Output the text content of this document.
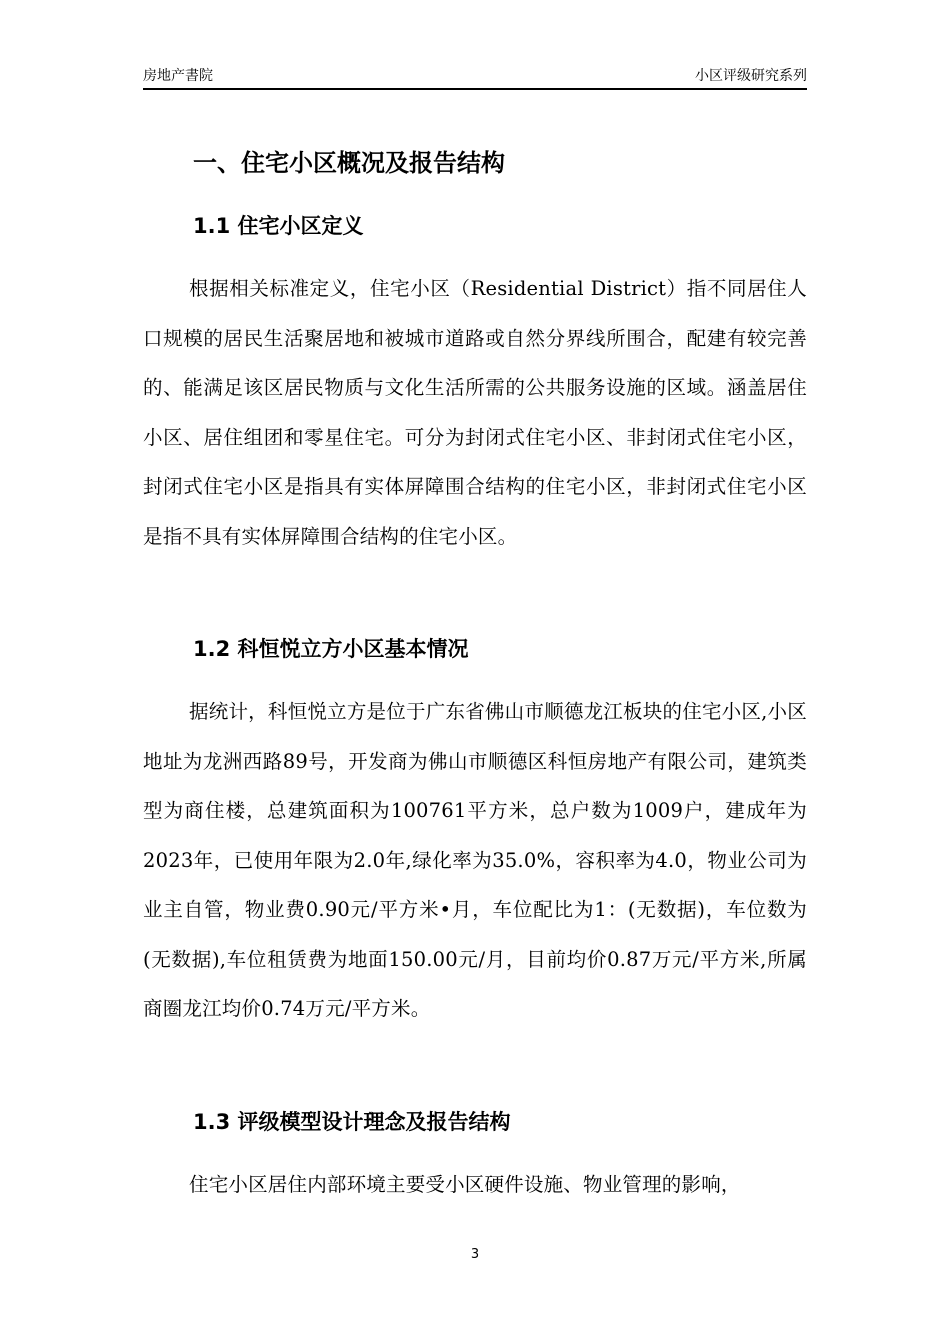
房地产書院	小区评级研究系列
一、住宅小区概况及报告结构
1.1 住宅小区定义
根据相关标准定义，住宅小区（Residential District）指不同居住人口规模的居民生活聚居地和被城市道路或自然分界线所围合，配建有较完善的、能满足该区居民物质与文化生活所需的公共服务设施的区域。涵盖居住小区、居住组团和零星住宅。可分为封闭式住宅小区、非封闭式住宅小区，封闭式住宅小区是指具有实体屏障围合结构的住宅小区，非封闭式住宅小区是指不具有实体屏障围合结构的住宅小区。
1.2 科恒悦立方小区基本情况
据统计，科恒悦立方是位于广东省佛山市顺德龙江板块的住宅小区,小区地址为龙洲西路89号，开发商为佛山市顺德区科恒房地产有限公司，建筑类型为商住楼，总建筑面积为100761平方米，总户数为1009户，建成年为2023年，已使用年限为2.0年,绿化率为35.0%，容积率为4.0，物业公司为业主自管，物业费0.90元/平方米•月，车位配比为1：(无数据)，车位数为(无数据),车位租赁费为地面150.00元/月，目前均价0.87万元/平方米,所属商圈龙江均价0.74万元/平方米。
1.3 评级模型设计理念及报告结构
住宅小区居住内部环境主要受小区硬件设施、物业管理的影响，
3
